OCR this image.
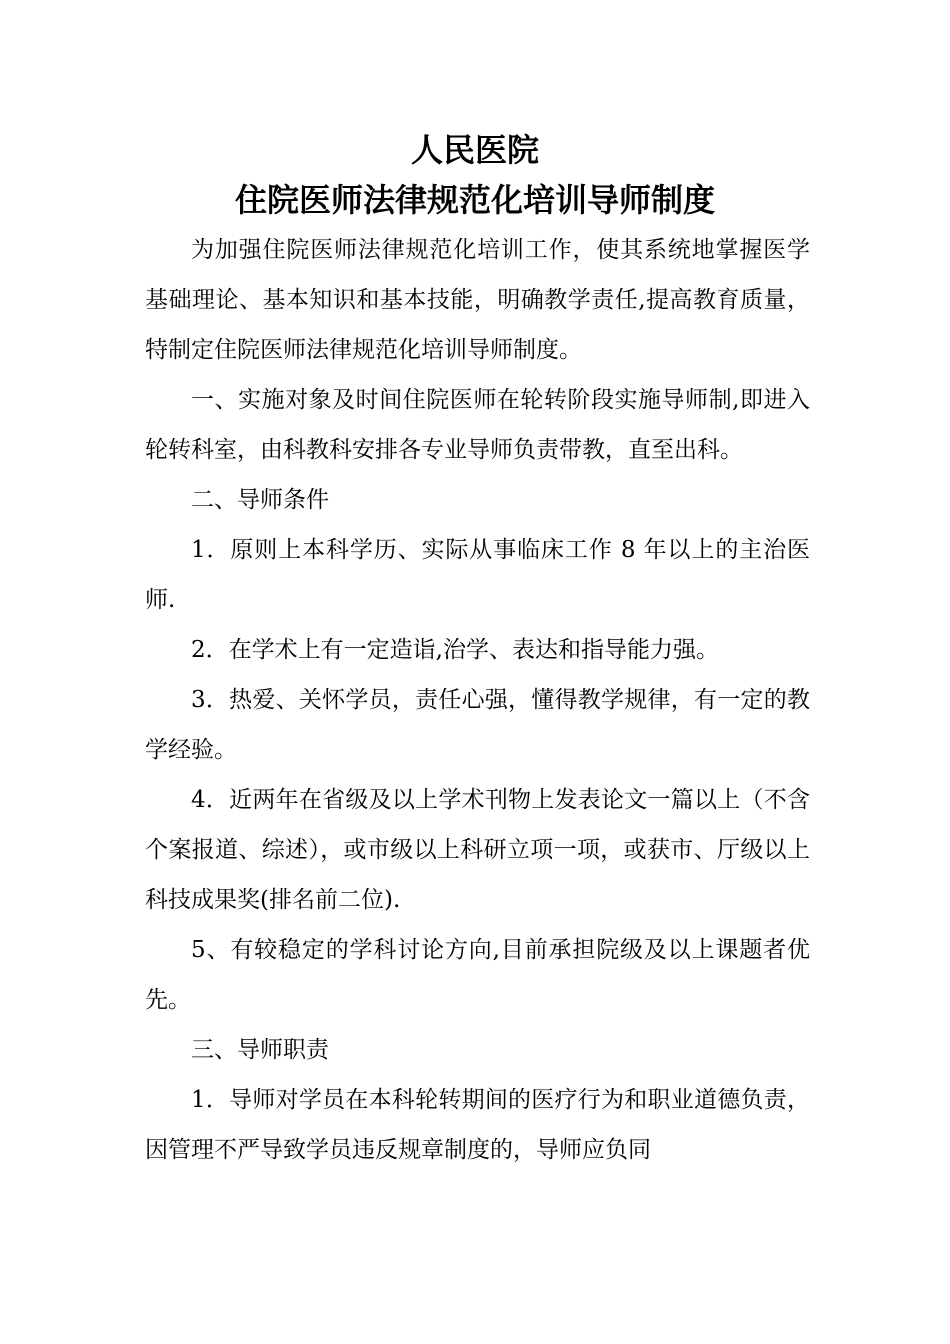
人民医院
住院医师法律规范化培训导师制度

为加强住院医师法律规范化培训工作，使其系统地掌握医学基础理论、基本知识和基本技能，明确教学责任,提高教育质量，特制定住院医师法律规范化培训导师制度。

一、实施对象及时间住院医师在轮转阶段实施导师制,即进入轮转科室，由科教科安排各专业导师负责带教，直至出科。

二、导师条件

1．原则上本科学历、实际从事临床工作 8 年以上的主治医师.

2．在学术上有一定造诣,治学、表达和指导能力强。

3．热爱、关怀学员，责任心强，懂得教学规律，有一定的教学经验。

4．近两年在省级及以上学术刊物上发表论文一篇以上（不含个案报道、综述），或市级以上科研立项一项，或获市、厅级以上科技成果奖(排名前二位).

5、有较稳定的学科讨论方向,目前承担院级及以上课题者优先。

三、导师职责

1．导师对学员在本科轮转期间的医疗行为和职业道德负责，因管理不严导致学员违反规章制度的，导师应负同
